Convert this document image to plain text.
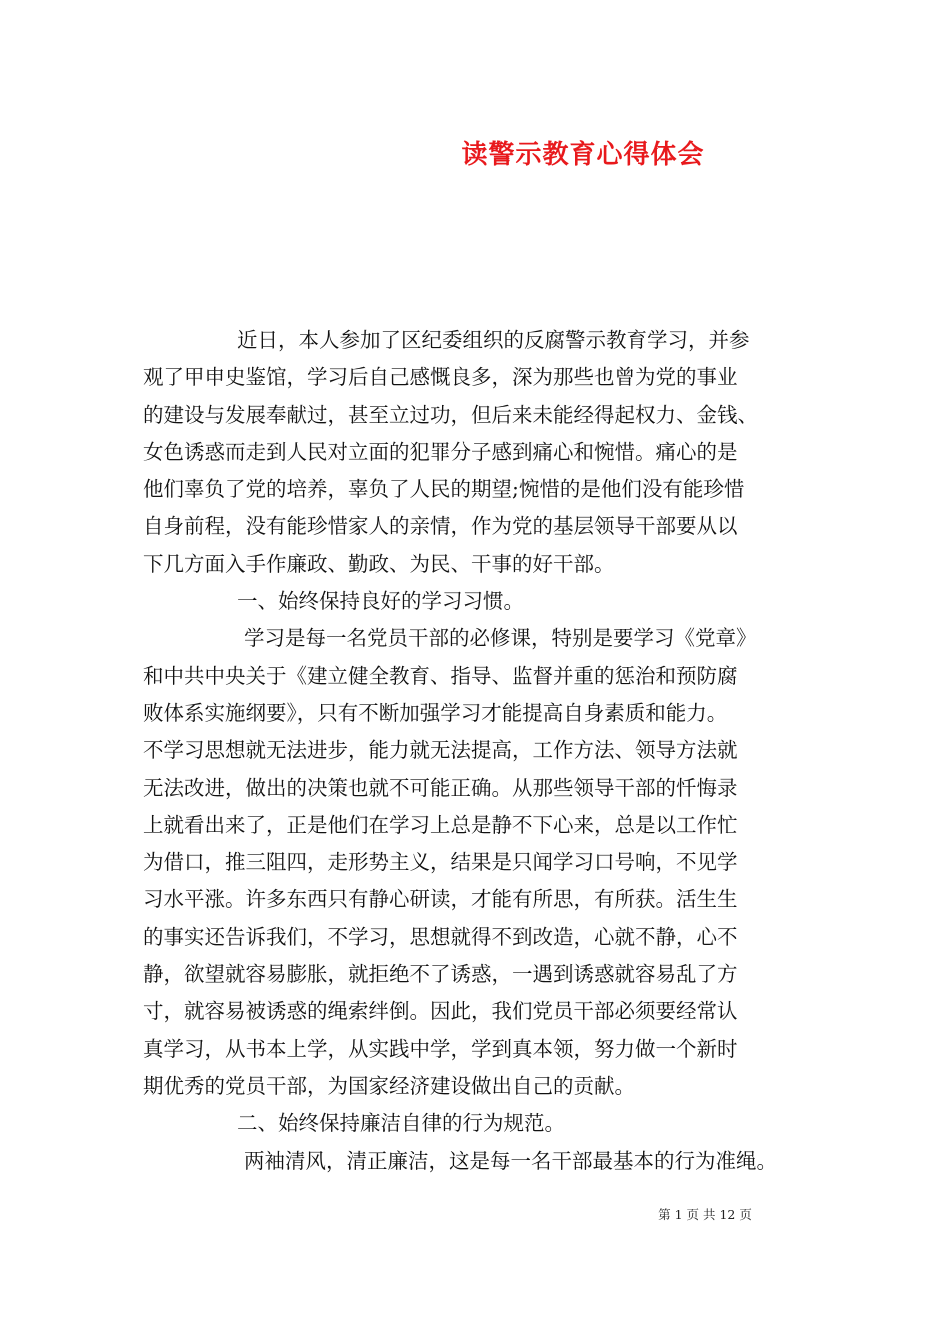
读警示教育心得体会
近日，本人参加了区纪委组织的反腐警示教育学习，并参
观了甲申史鉴馆，学习后自己感慨良多，深为那些也曾为党的事业
的建设与发展奉献过，甚至立过功，但后来未能经得起权力、金钱、
女色诱惑而走到人民对立面的犯罪分子感到痛心和惋惜。痛心的是
他们辜负了党的培养，辜负了人民的期望;惋惜的是他们没有能珍惜
自身前程，没有能珍惜家人的亲情，作为党的基层领导干部要从以
下几方面入手作廉政、勤政、为民、干事的好干部。
一、始终保持良好的学习习惯。
学习是每一名党员干部的必修课，特别是要学习《党章》
和中共中央关于《建立健全教育、指导、监督并重的惩治和预防腐
败体系实施纲要》，只有不断加强学习才能提高自身素质和能力。
不学习思想就无法进步，能力就无法提高，工作方法、领导方法就
无法改进，做出的决策也就不可能正确。从那些领导干部的忏悔录
上就看出来了，正是他们在学习上总是静不下心来，总是以工作忙
为借口，推三阻四，走形势主义，结果是只闻学习口号响，不见学
习水平涨。许多东西只有静心研读，才能有所思，有所获。活生生
的事实还告诉我们，不学习，思想就得不到改造，心就不静，心不
静，欲望就容易膨胀，就拒绝不了诱惑，一遇到诱惑就容易乱了方
寸，就容易被诱惑的绳索绊倒。因此，我们党员干部必须要经常认
真学习，从书本上学，从实践中学，学到真本领，努力做一个新时
期优秀的党员干部，为国家经济建设做出自己的贡献。
二、始终保持廉洁自律的行为规范。
两袖清风，清正廉洁，这是每一名干部最基本的行为准绳。
第 1 页 共 12 页
